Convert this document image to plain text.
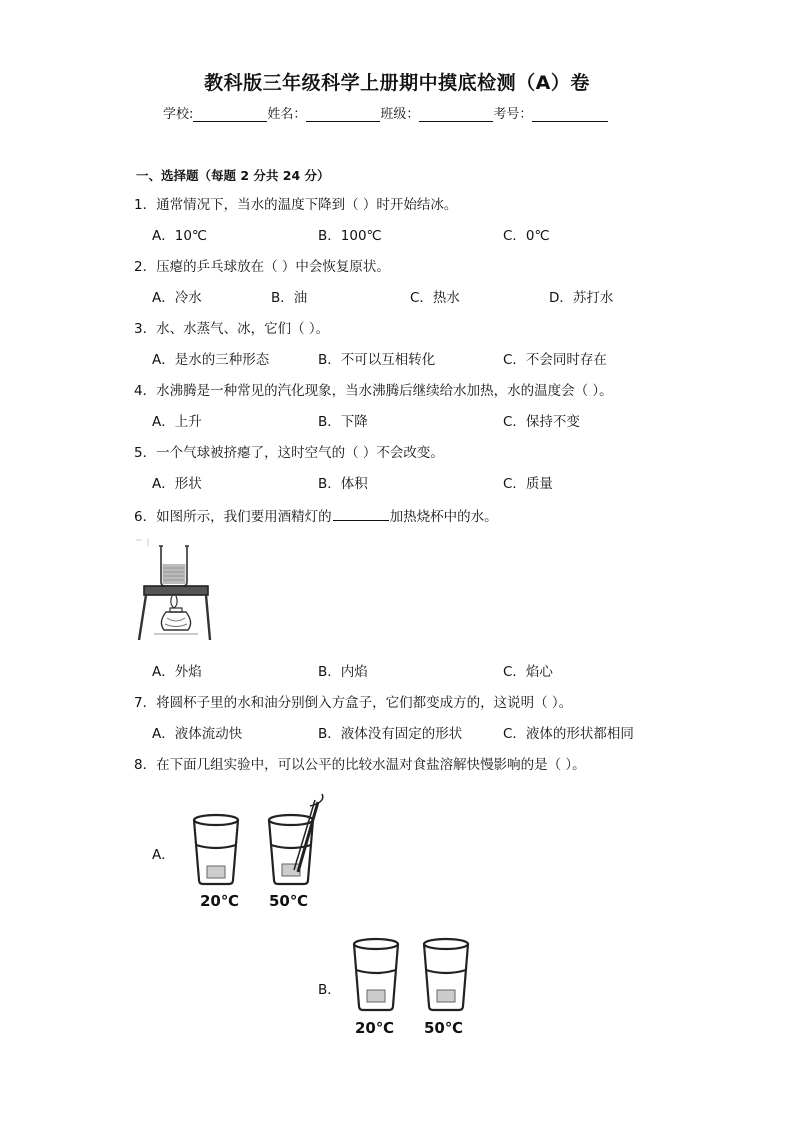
教科版三年级科学上册期中摸底检测（A）卷
学校:	姓名：	班级：	考号：
一、选择题（每题 2 分共 24 分）
1．通常情况下，当水的温度下降到（ ）时开始结冰。
A．10℃	B．100℃	C．0℃
2．压瘪的乒乓球放在（ ）中会恢复原状。
A．冷水	B．油	C．热水	D．苏打水
3．水、水蒸气、冰，它们（ ）。
A．是水的三种形态	B．不可以互相转化	C．不会同时存在
4．水沸腾是一种常见的汽化现象，当水沸腾后继续给水加热，水的温度会（ ）。
A．上升	B．下降	C．保持不变
5．一个气球被挤瘪了，这时空气的（ ）不会改变。
A．形状	B．体积	C．质量
6．如图所示，我们要用酒精灯的	加热烧杯中的水。
A．外焰	B．内焰	C．焰心
7．将圆杯子里的水和油分别倒入方盒子，它们都变成方的，这说明（ ）。
A．液体流动快	B．液体没有固定的形状	C．液体的形状都相同
8．在下面几组实验中，可以公平的比较水温对食盐溶解快慢影响的是（ ）。
A．
20℃ 50℃
B．
20℃ 50℃
